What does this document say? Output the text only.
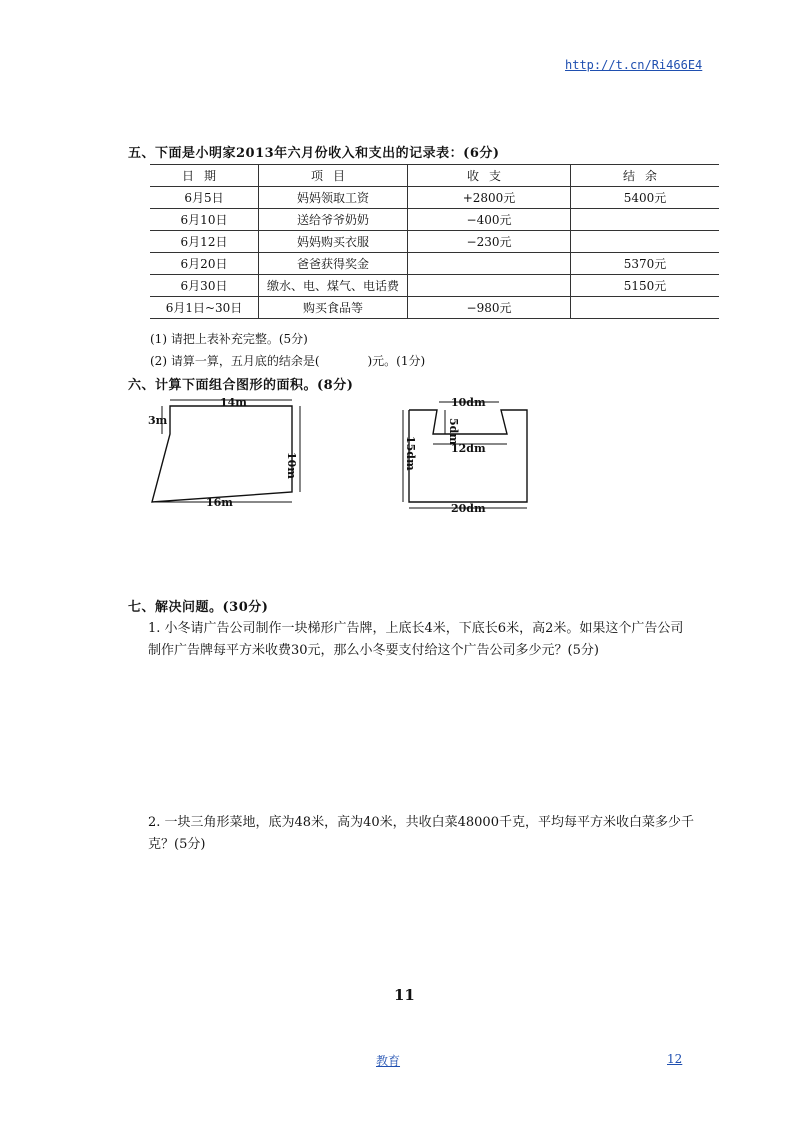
http://t.cn/Ri466E4
五、下面是小明家2013年六月份收入和支出的记录表：(6分)
日期	项目	收支	结余
6月5日	妈妈领取工资	+2800元	5400元
6月10日	送给爷爷奶奶	−400元	
6月12日	妈妈购买衣服	−230元	
6月20日	爸爸获得奖金		5370元
6月30日	缴水、电、煤气、电话费		5150元
6月1日~30日	购买食品等	−980元	
(1) 请把上表补充完整。(5分)
(2) 请算一算，五月底的结余是(　　　　)元。(1分)
六、计算下面组合图形的面积。(8分)
14m
3m
10m
16m
10dm
5dm
12dm
15dm
20dm
七、解决问题。(30分)
1. 小冬请广告公司制作一块梯形广告牌，上底长4米，下底长6米，高2米。如果这个广告公司制作广告牌每平方米收费30元，那么小冬要支付给这个广告公司多少元？(5分)
2. 一块三角形菜地，底为48米，高为40米，共收白菜48000千克，平均每平方米收白菜多少千克？(5分)
11
教育	12
